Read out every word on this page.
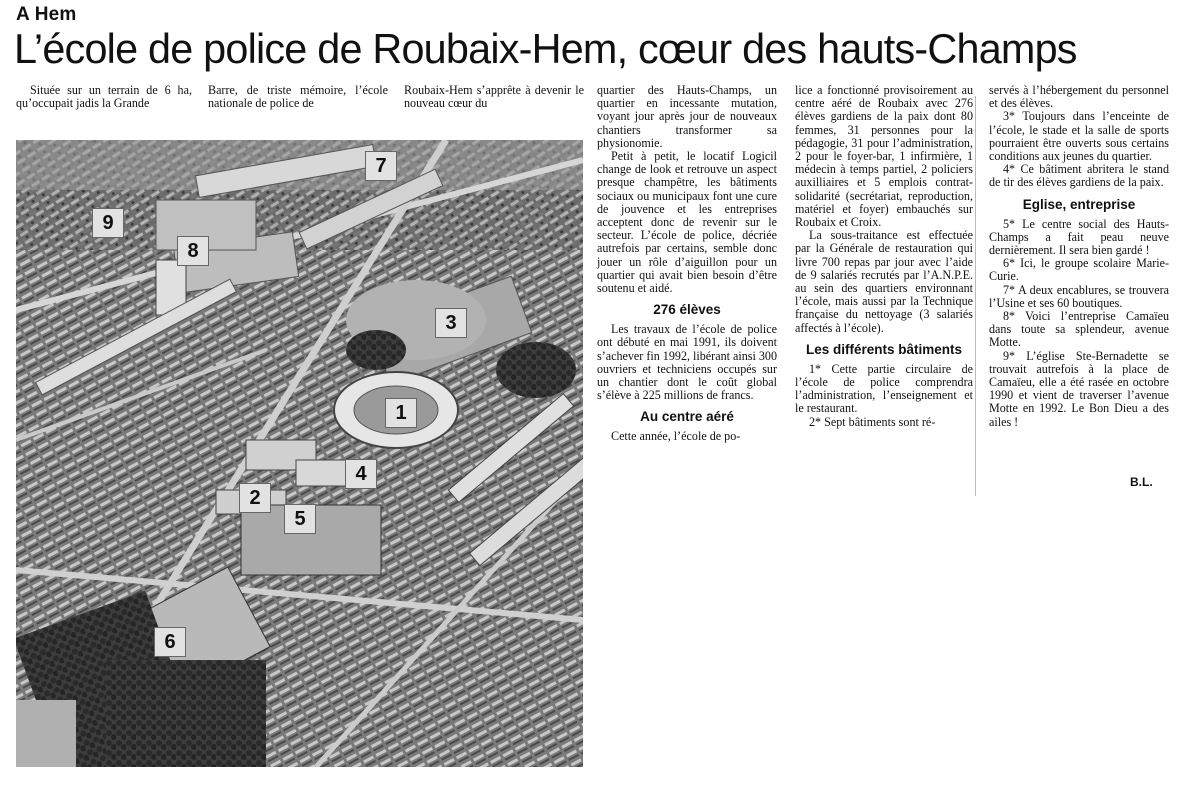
A Hem
L’école de police de Roubaix-Hem, cœur des hauts-Champs

Située sur un terrain de 6 ha, qu’occupait jadis la Grande

Barre, de triste mémoire, l’école nationale de police de

Roubaix-Hem s’apprête à devenir le nouveau cœur du

1
2
3
4
5
6
7
8
9

quartier des Hauts-Champs, un quartier en incessante mutation, voyant jour après jour de nouveaux chantiers transformer sa physionomie.

Petit à petit, le locatif Logicil change de look et retrouve un aspect presque champêtre, les bâtiments sociaux ou municipaux font une cure de jouvence et les entreprises acceptent donc de revenir sur le secteur. L’école de police, décriée autrefois par certains, semble donc jouer un rôle d’aiguillon pour un quartier qui avait bien besoin d’être soutenu et aidé.

276 élèves

Les travaux de l’école de police ont débuté en mai 1991, ils doivent s’achever fin 1992, libérant ainsi 300 ouvriers et techniciens occupés sur un chantier dont le coût global s’élève à 225 millions de francs.

Au centre aéré

Cette année, l’école de po-

lice a fonctionné provisoirement au centre aéré de Roubaix avec 276 élèves gardiens de la paix dont 80 femmes, 31 personnes pour la pédagogie, 31 pour l’administration, 2 pour le foyer-bar, 1 infirmière, 1 médecin à temps partiel, 2 policiers auxilliaires et 5 emplois contrat-solidarité (secrétariat, reproduction, matériel et foyer) embauchés sur Roubaix et Croix.

La sous-traitance est effectuée par la Générale de restauration qui livre 700 repas par jour avec l’aide de 9 salariés recrutés par l’A.N.P.E. au sein des quartiers environnant l’école, mais aussi par la Technique française du nettoyage (3 salariés affectés à l’école).

Les différents bâtiments

1* Cette partie circulaire de l’école de police comprendra l’administration, l’enseignement et le restaurant.

2* Sept bâtiments sont ré-

servés à l’hébergement du personnel et des élèves.

3* Toujours dans l’enceinte de l’école, le stade et la salle de sports pourraient être ouverts sous certains conditions aux jeunes du quartier.

4* Ce bâtiment abritera le stand de tir des élèves gardiens de la paix.

Eglise, entreprise

5* Le centre social des Hauts-Champs a fait peau neuve dernièrement. Il sera bien gardé !

6* Ici, le groupe scolaire Marie-Curie.

7* A deux encablures, se trouvera l’Usine et ses 60 boutiques.

8* Voici l’entreprise Camaïeu dans toute sa splendeur, avenue Motte.

9* L’église Ste-Bernadette se trouvait autrefois à la place de Camaïeu, elle a été rasée en octobre 1990 et vient de traverser l’avenue Motte en 1992. Le Bon Dieu a des ailes !

B.L.
